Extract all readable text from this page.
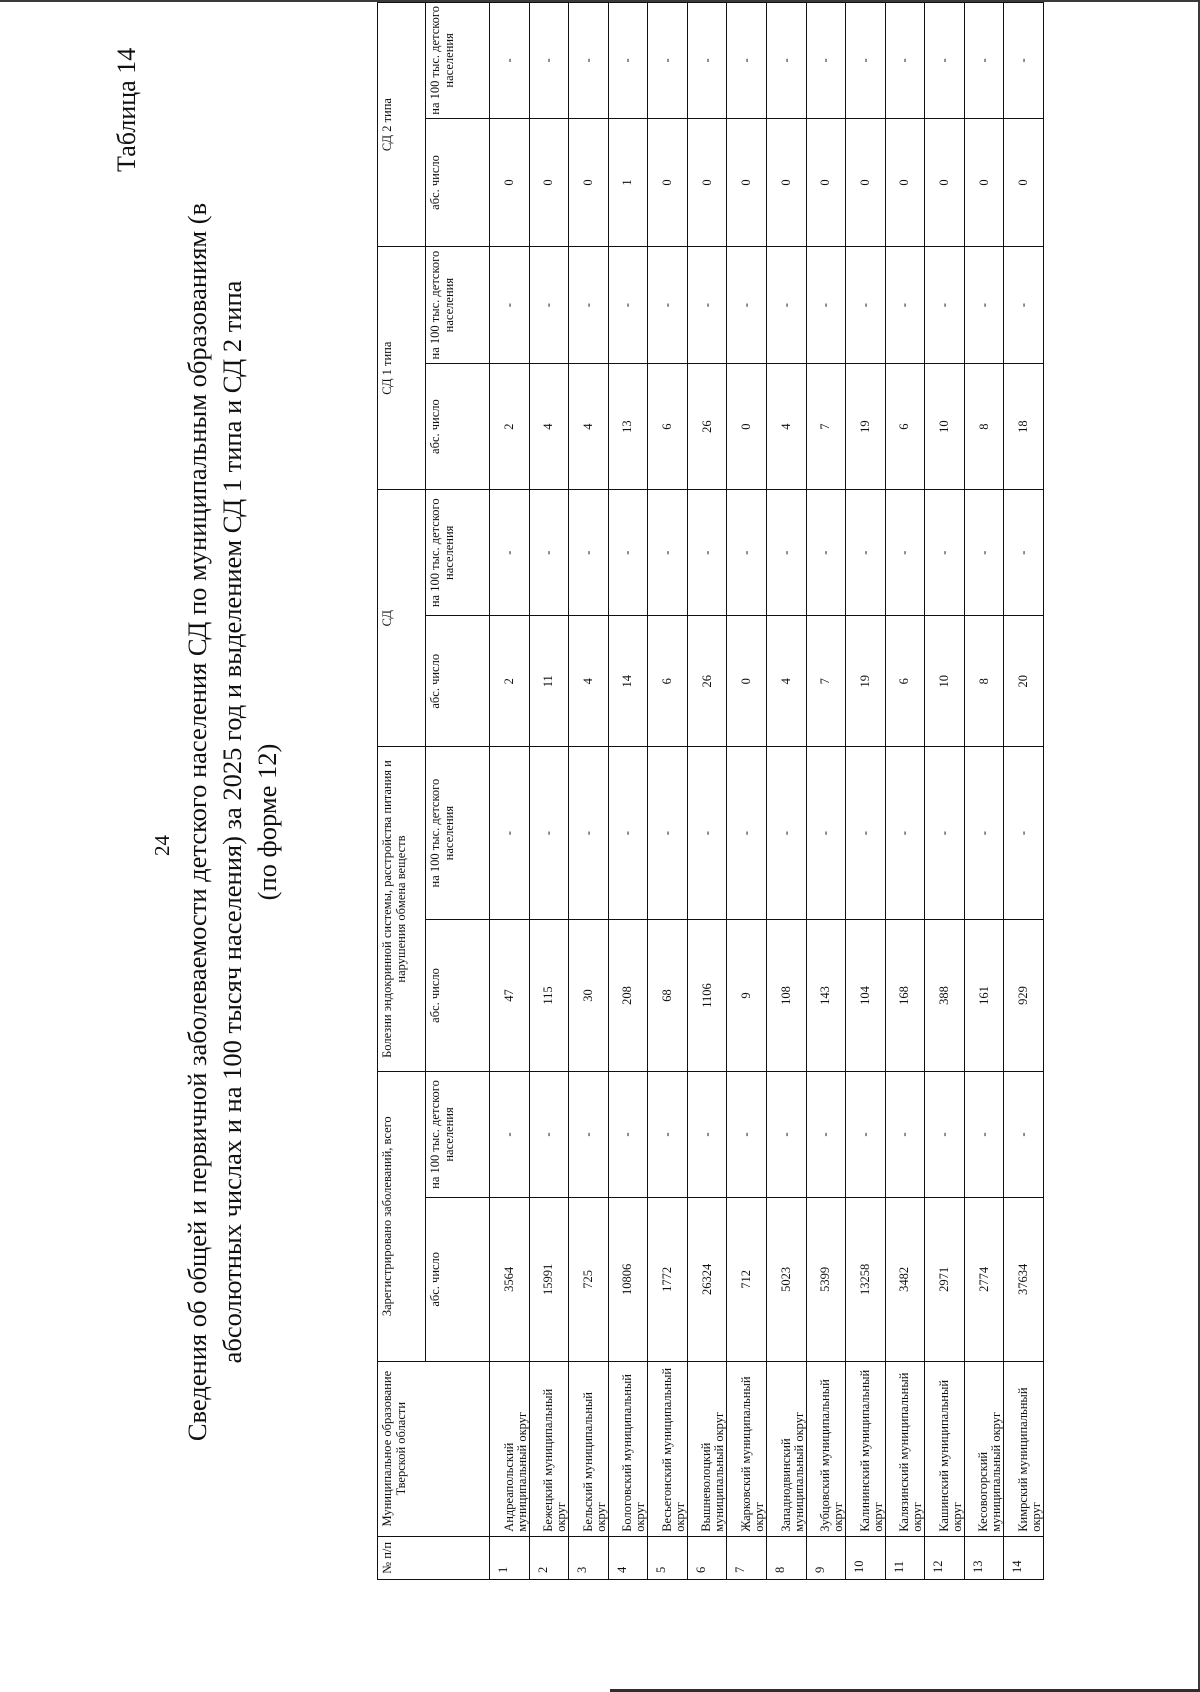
Таблица 14
24 Сведения об общей и первичной заболеваемости детского населения СД по муниципальным образованиям (в абсолютных числах и на 100 тысяч населения) за 2025 год и выделением СД 1 типа и СД 2 типа (по форме 12)
№ п/п	Муниципальное образование Тверской области	Зарегистрировано заболеваний, всего		Болезни эндокринной системы, расстройства питания и нарушения обмена веществ		СД		СД 1 типа		СД 2 типа	
		абс. число	на 100 тыс. детского населения	абс. число	на 100 тыс. детского населения	абс. число	на 100 тыс. детского населения	абс. число	на 100 тыс. детского населения	абс. число	на 100 тыс. детского населения
1	Андреапольский муниципальный округ	3564	-	47	-	2	-	2	-	0	-
2	Бежецкий муниципальный округ	15991	-	115	-	11	-	4	-	0	-
3	Бельский муниципальный округ	725	-	30	-	4	-	4	-	0	-
4	Бологовский муниципальный округ	10806	-	208	-	14	-	13	-	1	-
5	Весьегонский муниципальный округ	1772	-	68	-	6	-	6	-	0	-
6	Вышневолоцкий муниципальный округ	26324	-	1106	-	26	-	26	-	0	-
7	Жарковский муниципальный округ	712	-	9	-	0	-	0	-	0	-
8	Западнодвинский муниципальный округ	5023	-	108	-	4	-	4	-	0	-
9	Зубцовский муниципальный округ	5399	-	143	-	7	-	7	-	0	-
10	Калининский муниципальный округ	13258	-	104	-	19	-	19	-	0	-
11	Калязинский муниципальный округ	3482	-	168	-	6	-	6	-	0	-
12	Кашинский муниципальный округ	2971	-	388	-	10	-	10	-	0	-
13	Кесовогорский муниципальный округ	2774	-	161	-	8	-	8	-	0	-
14	Кимрский муниципальный округ	37634	-	929	-	20	-	18	-	0	-
